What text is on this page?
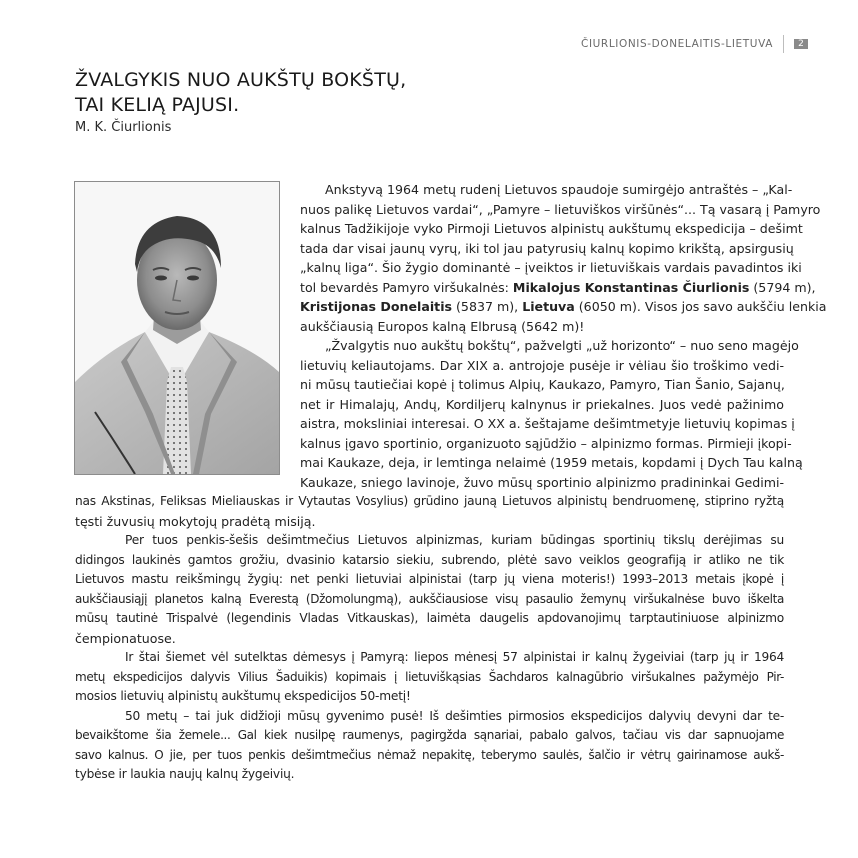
ČIURLIONIS-DONELAITIS-LIETUVA	2
ŽVALGYKIS NUO AUKŠTŲ BOKŠTŲ,
TAI KELIĄ PAJUSI.
M. K. Čiurlionis
Ankstyvą 1964 metų rudenį Lietuvos spaudoje sumirgėjo antraštės – „Kal-
nuos palikę Lietuvos vardai“, „Pamyre – lietuviškos viršūnės“... Tą vasarą į Pamyro
kalnus Tadžikijoje vyko Pirmoji Lietuvos alpinistų aukštumų ekspedicija – dešimt
tada dar visai jaunų vyrų, iki tol jau patyrusių kalnų kopimo krikštą, apsirgusių
„kalnų liga“. Šio žygio dominantė – įveiktos ir lietuviškais vardais pavadintos iki
tol bevardės Pamyro viršukalnės: Mikalojus Konstantinas Čiurlionis (5794 m),
Kristijonas Donelaitis (5837 m), Lietuva (6050 m). Visos jos savo aukščiu lenkia
aukščiausią Europos kalną Elbrusą (5642 m)!
„Žvalgytis nuo aukštų bokštų“, pažvelgti „už horizonto“ – nuo seno magėjo
lietuvių keliautojams. Dar XIX a. antrojoje pusėje ir vėliau šio troškimo vedi-
ni mūsų tautiečiai kopė į tolimus Alpių, Kaukazo, Pamyro, Tian Šanio, Sajanų,
net ir Himalajų, Andų, Kordiljerų kalnynus ir priekalnes. Juos vedė pažinimo
aistra, moksliniai interesai. O XX a. šeštajame dešimtmetyje lietuvių kopimas į
kalnus įgavo sportinio, organizuoto sąjūdžio – alpinizmo formas. Pirmieji įkopi-
mai Kaukaze, deja, ir lemtinga nelaimė (1959 metais, kopdami į Dych Tau kalną
Kaukaze, sniego lavinoje, žuvo mūsų sportinio alpinizmo pradininkai Gedimi-
nas Akstinas, Feliksas Mieliauskas ir Vytautas Vosylius) grūdino jauną Lietuvos alpinistų bendruomenę, stiprino ryžtą
tęsti žuvusių mokytojų pradėtą misiją.
Per tuos penkis-šešis dešimtmečius Lietuvos alpinizmas, kuriam būdingas sportinių tikslų derėjimas su
didingos laukinės gamtos grožiu, dvasinio katarsio siekiu, subrendo, plėtė savo veiklos geografiją ir atliko ne tik
Lietuvos mastu reikšmingų žygių: net penki lietuviai alpinistai (tarp jų viena moteris!) 1993–2013 metais įkopė į
aukščiausiąjį planetos kalną Everestą (Džomolungmą), aukščiausiose visų pasaulio žemynų viršukalnėse buvo iškelta
mūsų tautinė Trispalvė (legendinis Vladas Vitkauskas), laimėta daugelis apdovanojimų tarptautiniuose alpinizmo
čempionatuose.
Ir štai šiemet vėl sutelktas dėmesys į Pamyrą: liepos mėnesį 57 alpinistai ir kalnų žygeiviai (tarp jų ir 1964
metų ekspedicijos dalyvis Vilius Šaduikis) kopimais į lietuviškąsias Šachdaros kalnagūbrio viršukalnes pažymėjo Pir-
mosios lietuvių alpinistų aukštumų ekspedicijos 50-metį!
50 metų – tai juk didžioji mūsų gyvenimo pusė! Iš dešimties pirmosios ekspedicijos dalyvių devyni dar te-
bevaikštome šia žemele... Gal kiek nusilpę raumenys, pagirgžda sąnariai, pabalo galvos, tačiau vis dar sapnuojame
savo kalnus. O jie, per tuos penkis dešimtmečius nėmaž nepakitę, teberymo saulės, šalčio ir vėtrų gairinamose aukš-
tybėse ir laukia naujų kalnų žygeivių.
